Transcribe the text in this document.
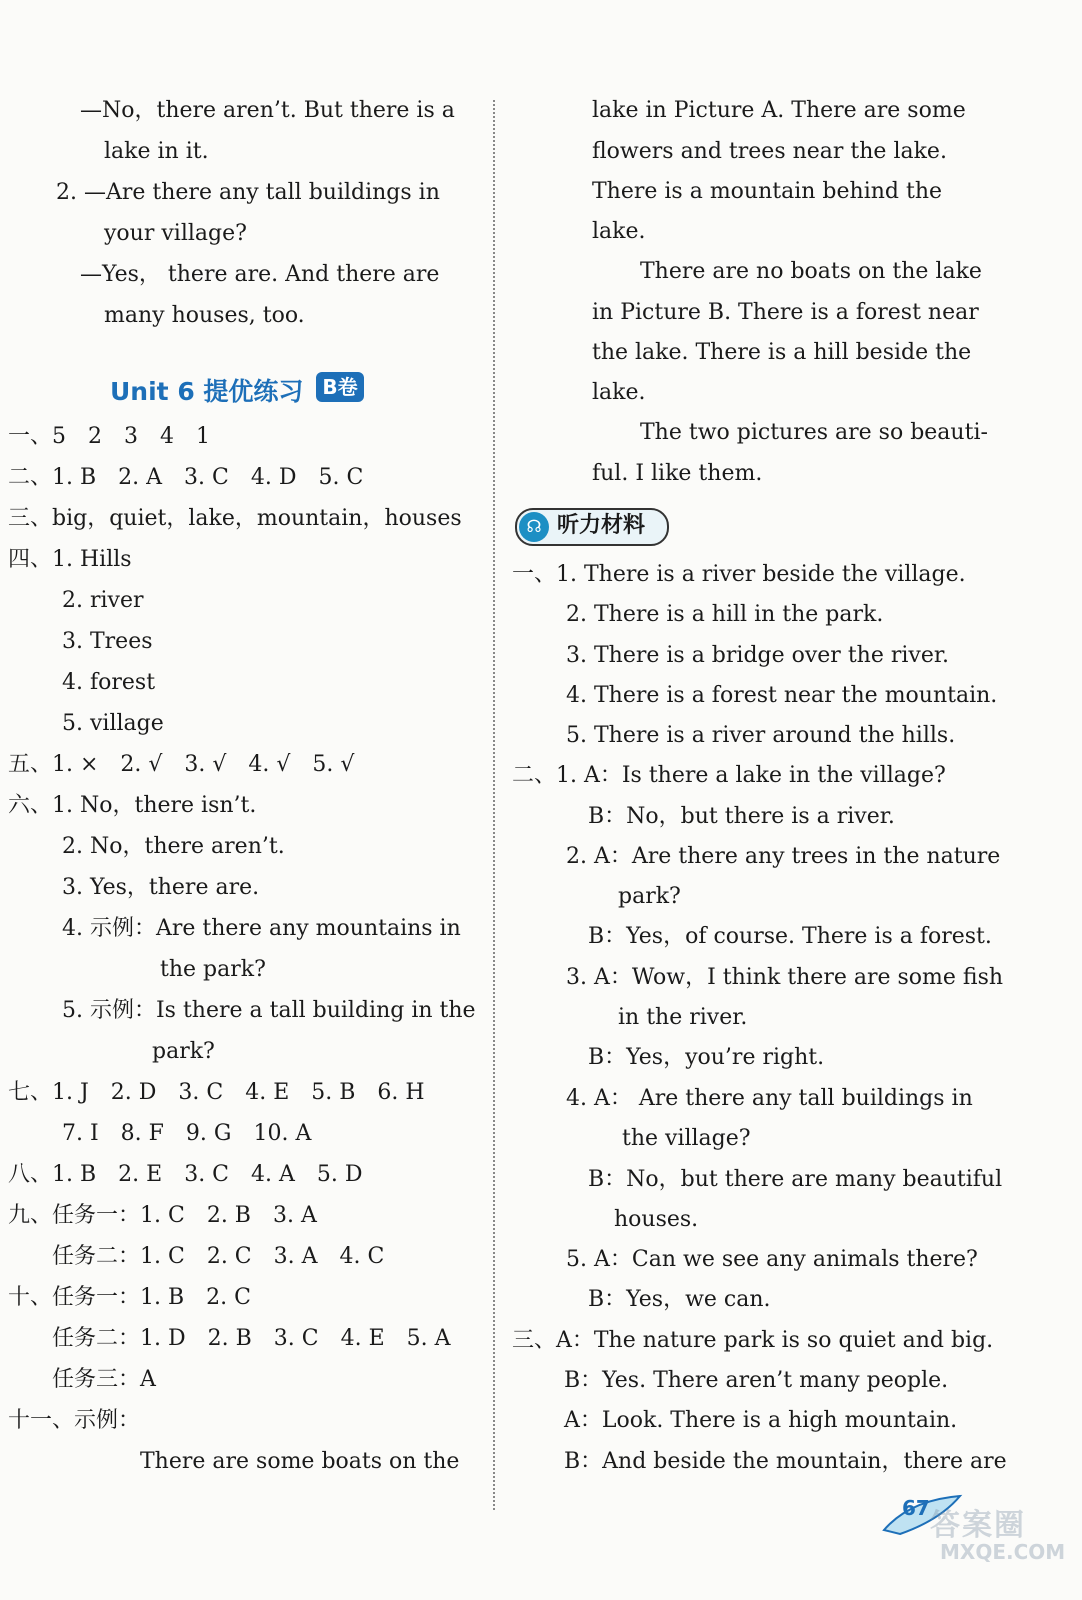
—No，there aren’t. But there is a
lake in it.
2. —Are there any tall buildings in
your village?
—Yes， there are. And there are
many houses, too.
Unit 6 提优练习 B卷
一、5　2　3　4　1
二、1. B　2. A　3. C　4. D　5. C
三、big，quiet，lake，mountain，houses
四、1. Hills
2. river
3. Trees
4. forest
5. village
五、1. ×　2. √　3. √　4. √　5. √
六、1. No，there isn’t.
2. No，there aren’t.
3. Yes，there are.
4. 示例：Are there any mountains in
the park?
5. 示例：Is there a tall building in the
park?
七、1. J　2. D　3. C　4. E　5. B　6. H
7. I　8. F　9. G　10. A
八、1. B　2. E　3. C　4. A　5. D
九、任务一：1. C　2. B　3. A
任务二：1. C　2. C　3. A　4. C
十、任务一：1. B　2. C
任务二：1. D　2. B　3. C　4. E　5. A
任务三：A
十一、示例：
There are some boats on the
lake in Picture A. There are some
flowers and trees near the lake.
There is a mountain behind the
lake.
There are no boats on the lake
in Picture B. There is a forest near
the lake. There is a hill beside the
lake.
The two pictures are so beauti-
ful. I like them.
一、1. There is a river beside the village.
2. There is a hill in the park.
3. There is a bridge over the river.
4. There is a forest near the mountain.
5. There is a river around the hills.
二、1. A：Is there a lake in the village?
B：No，but there is a river.
2. A：Are there any trees in the nature
park?
B：Yes，of course. There is a forest.
3. A：Wow，I think there are some fish
in the river.
B：Yes，you’re right.
4. A： Are there any tall buildings in
the village?
B：No，but there are many beautiful
houses.
5. A：Can we see any animals there?
B：Yes，we can.
三、A：The nature park is so quiet and big.
B：Yes. There aren’t many people.
A：Look. There is a high mountain.
B：And beside the mountain，there are
☊ 听力材料
67 答案圈
MXQE.COM
